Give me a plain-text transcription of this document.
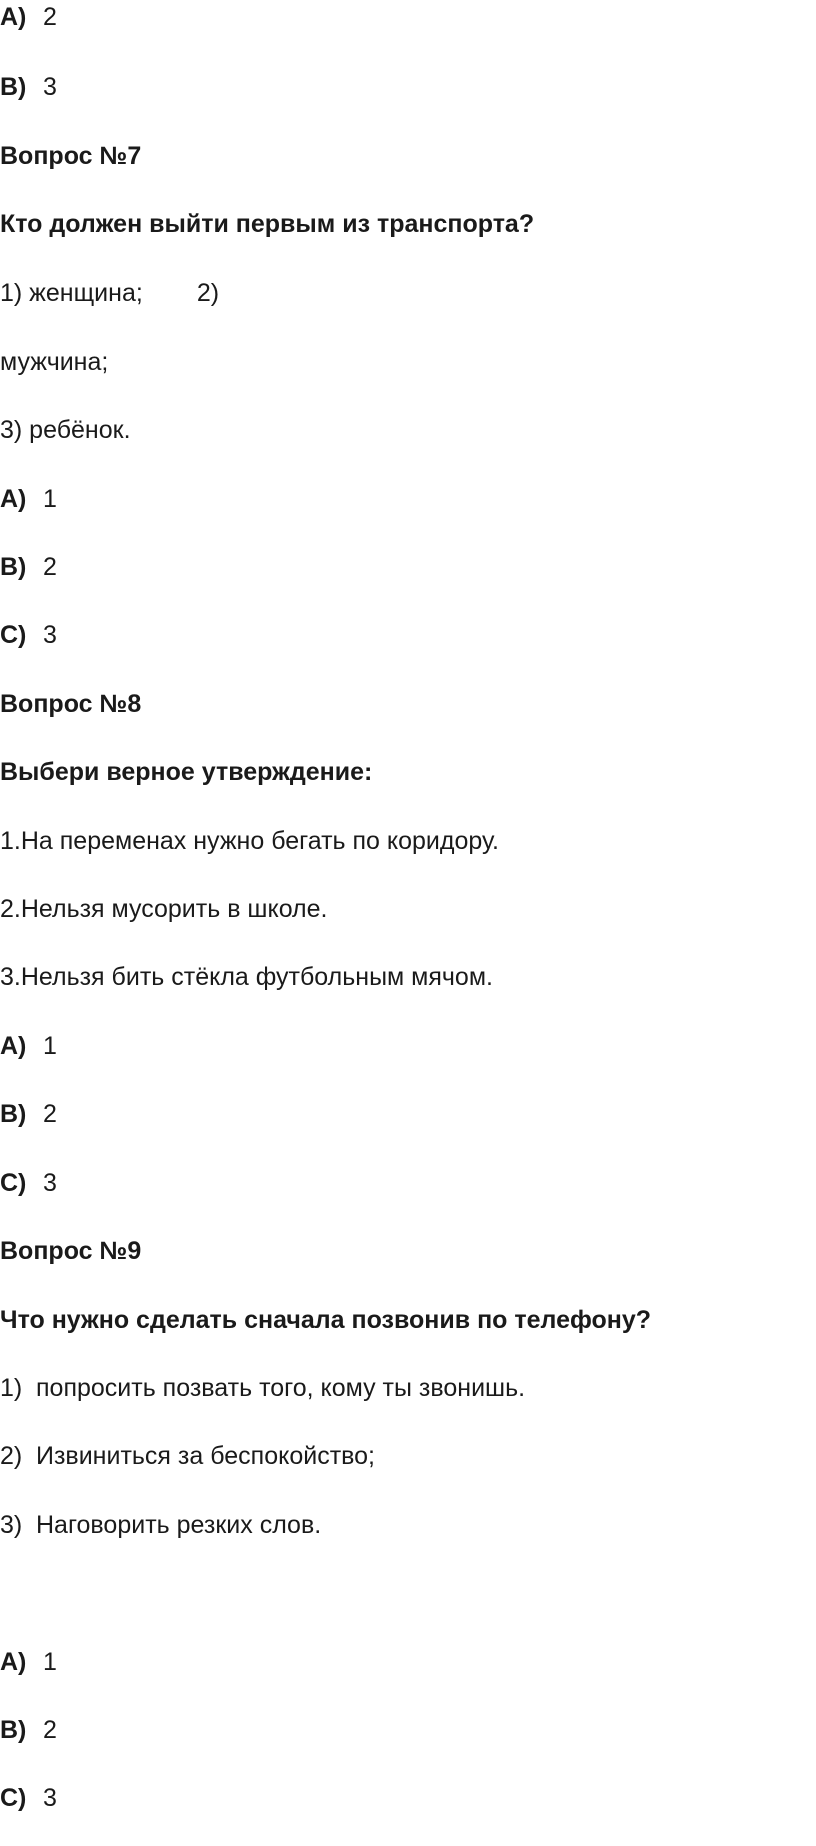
А) 2

В) 3

Вопрос №7

Кто должен выйти первым из транспорта?

1) женщина; 2)

мужчина;

3) ребёнок.

А) 1

В) 2

С) 3

Вопрос №8

Выбери верное утверждение:

1.На переменах нужно бегать по коридору.

2.Нельзя мусорить в школе.

3.Нельзя бить стёкла футбольным мячом.

А) 1

В) 2

С) 3

Вопрос №9

Что нужно сделать сначала позвонив по телефону?

1) попросить позвать того, кому ты звонишь.

2) Извиниться за беспокойство;

3) Наговорить резких слов.

А) 1

В) 2

С) 3
